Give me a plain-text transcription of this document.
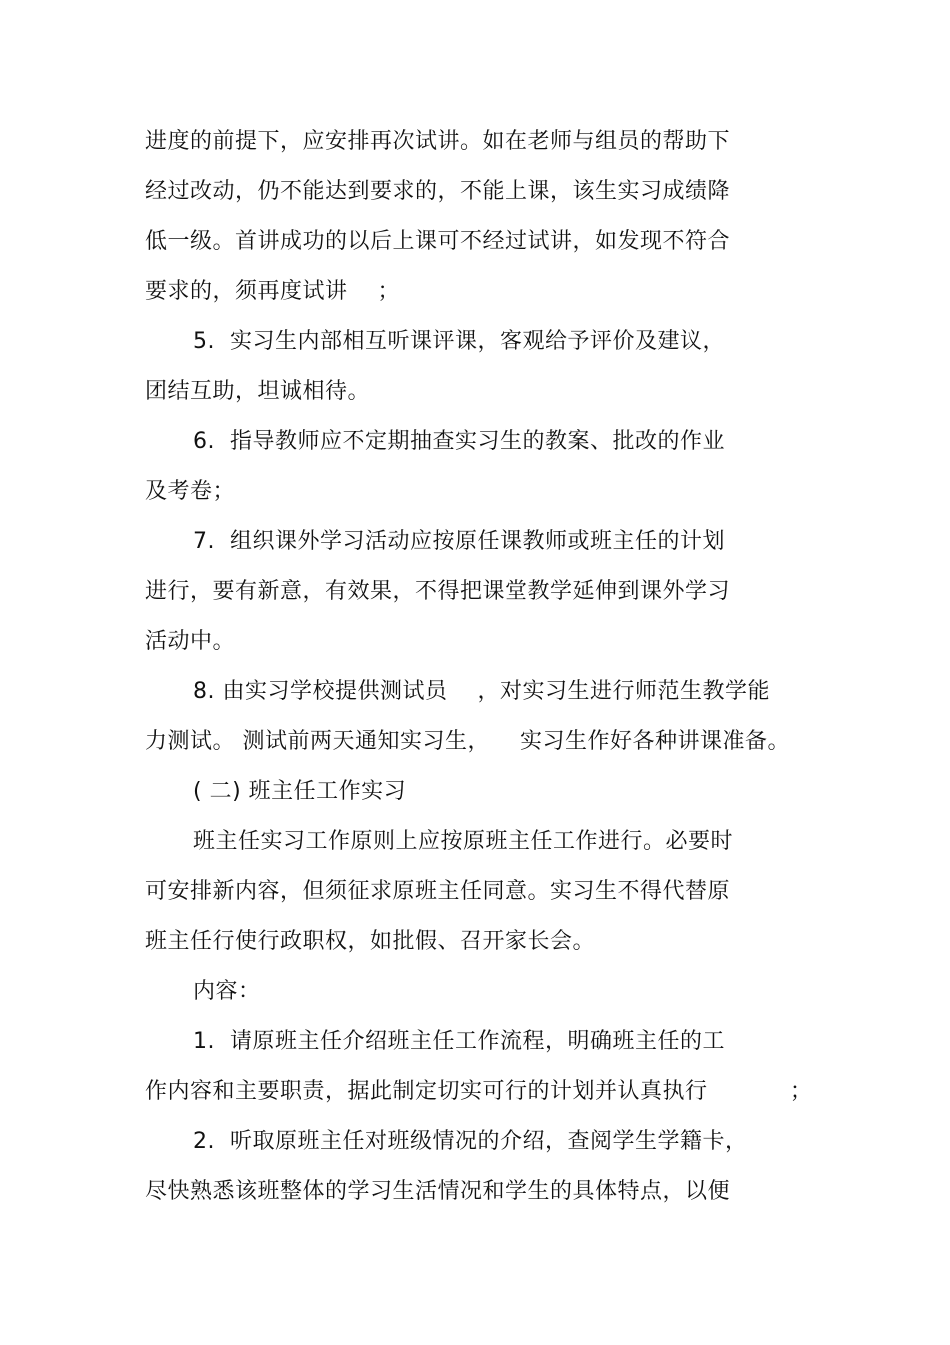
进度的前提下，应安排再次试讲。如在老师与组员的帮助下
经过改动，仍不能达到要求的，不能上课，该生实习成绩降
低一级。首讲成功的以后上课可不经过试讲，如发现不符合
要求的，须再度试讲    ；
5.  实习生内部相互听课评课，客观给予评价及建议，
团结互助，坦诚相待。
6.  指导教师应不定期抽查实习生的教案、批改的作业
及考卷；
7.  组织课外学习活动应按原任课教师或班主任的计划
进行，要有新意，有效果，不得把课堂教学延伸到课外学习
活动中。
8. 由实习学校提供测试员    ，对实习生进行师范生教学能
力测试。 测试前两天通知实习生，    实习生作好各种讲课准备。
( 二) 班主任工作实习
班主任实习工作原则上应按原班主任工作进行。必要时
可安排新内容，但须征求原班主任同意。实习生不得代替原
班主任行使行政职权，如批假、召开家长会。
内容：
1.  请原班主任介绍班主任工作流程，明确班主任的工
作内容和主要职责，据此制定切实可行的计划并认真执行           ；
2.  听取原班主任对班级情况的介绍，查阅学生学籍卡，
尽快熟悉该班整体的学习生活情况和学生的具体特点，以便
